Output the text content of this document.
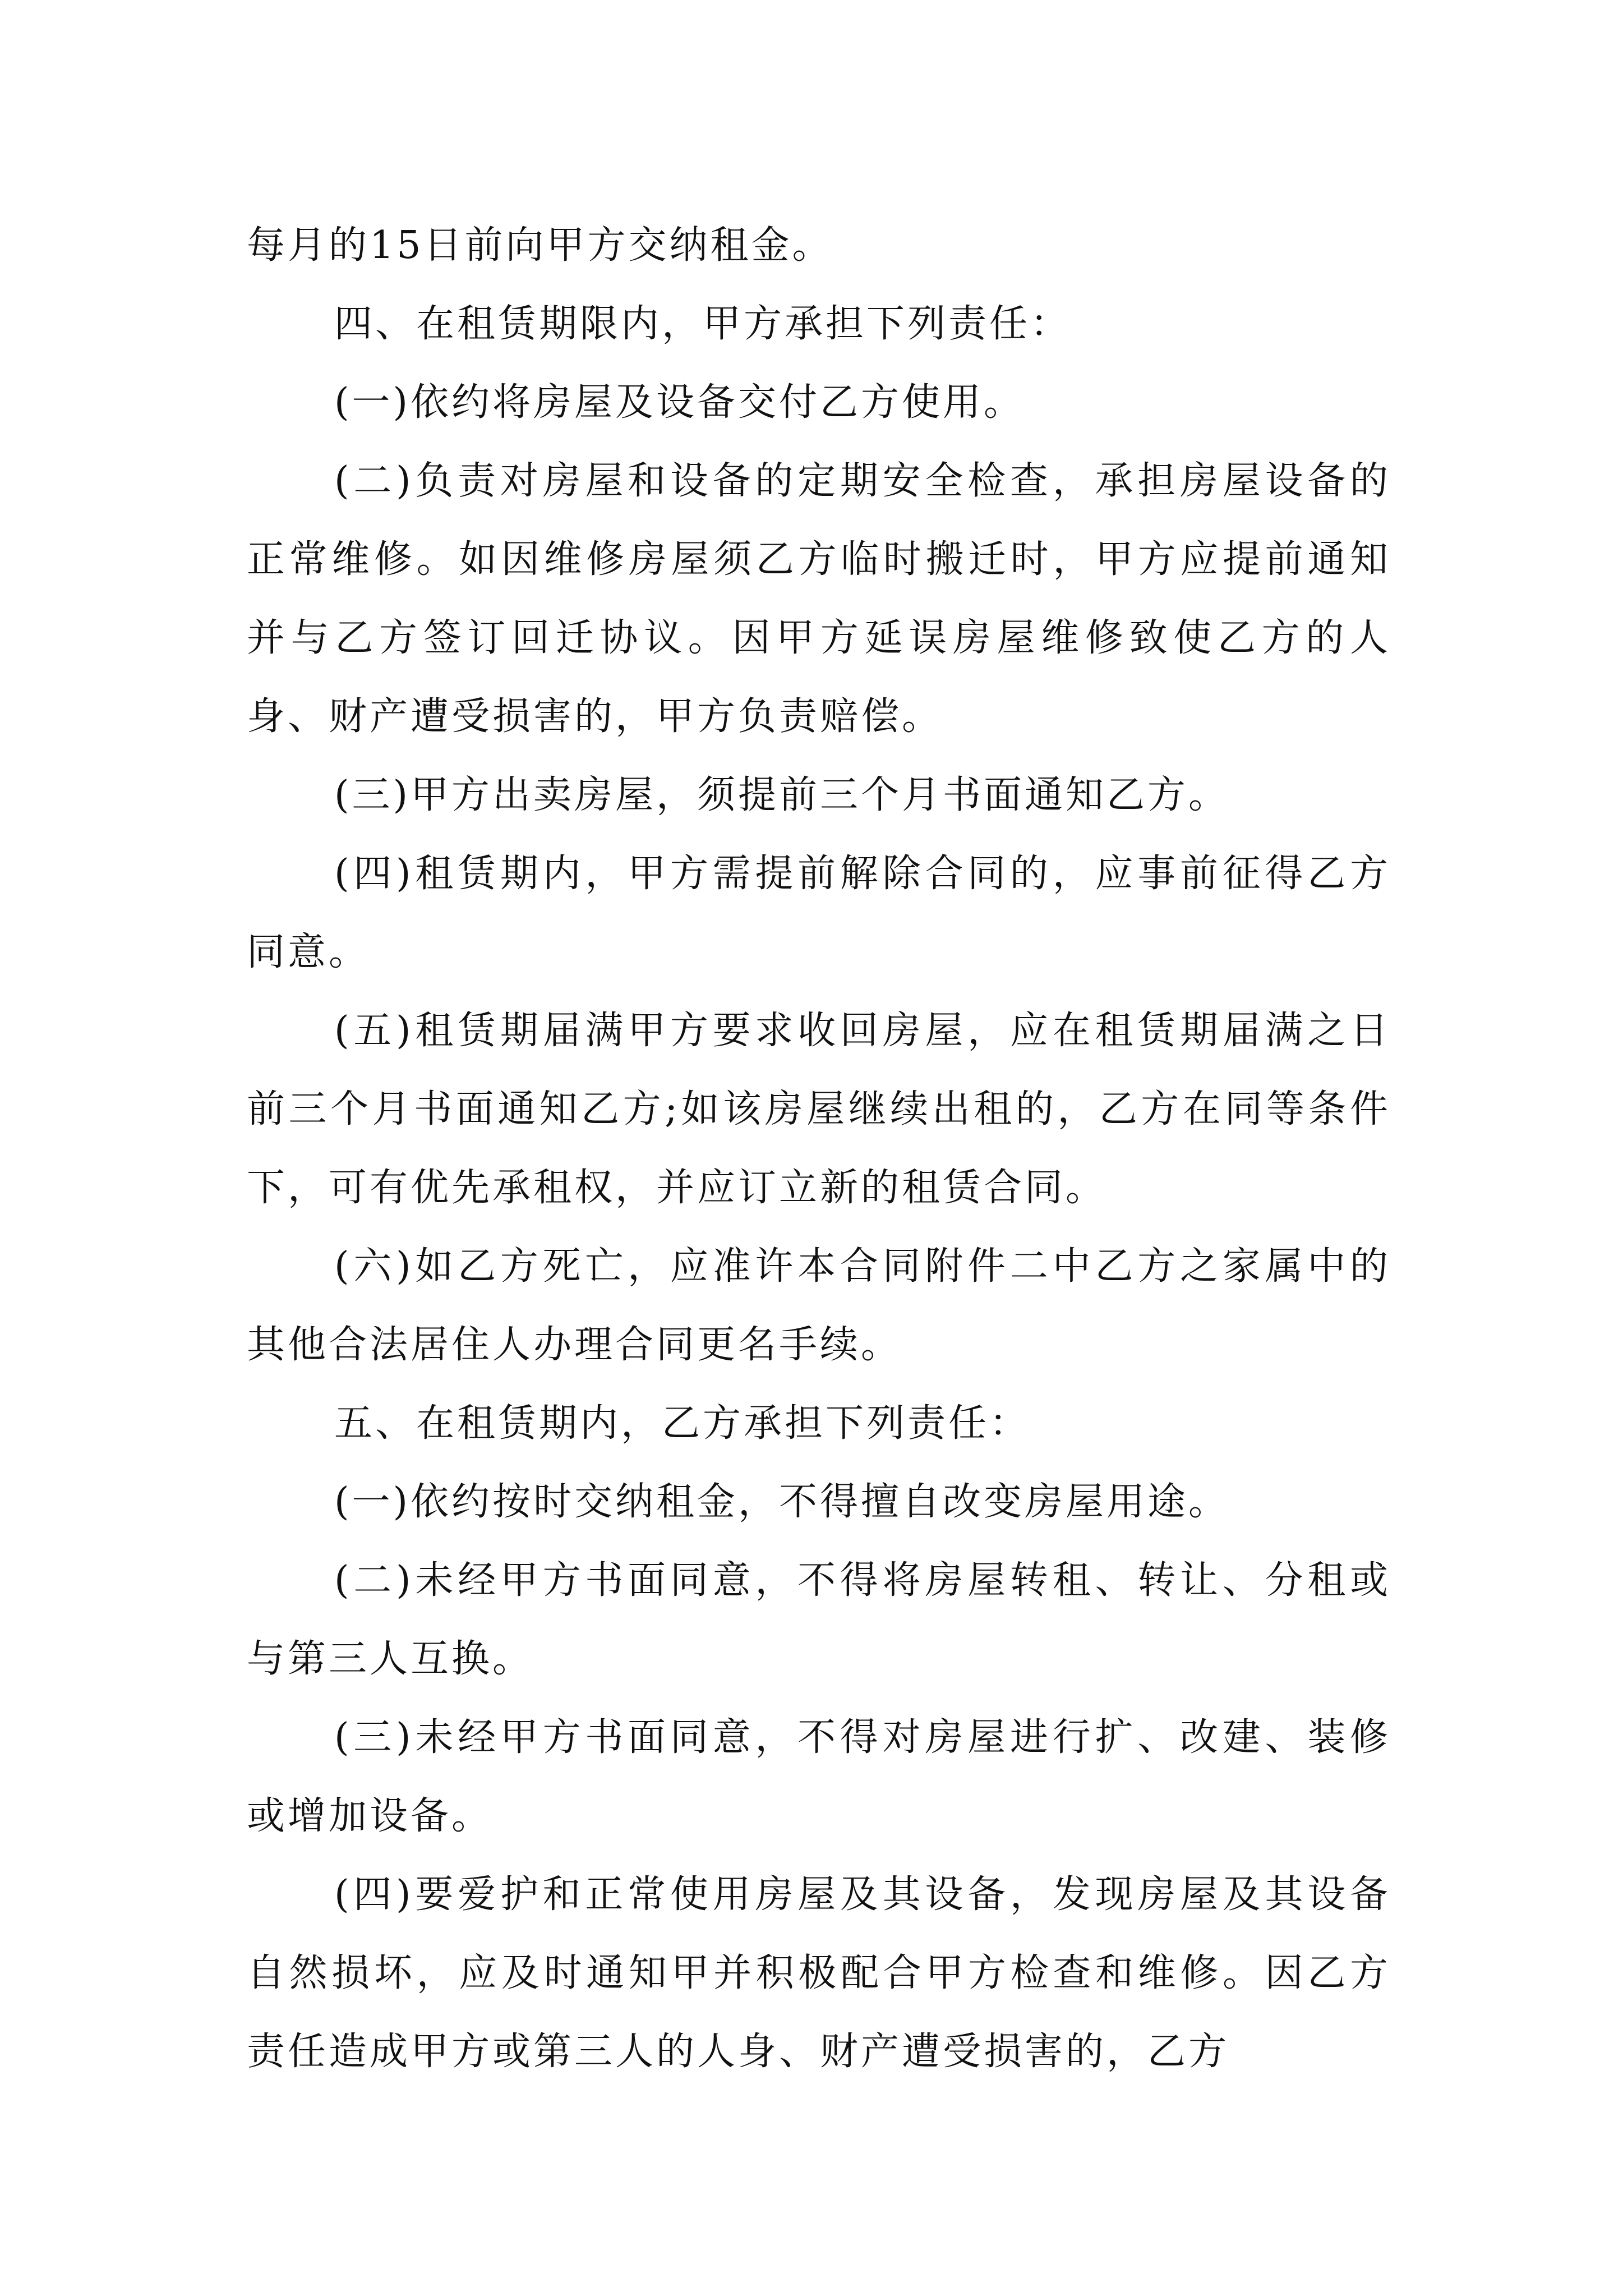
每月的15日前向甲方交纳租金。

四、在租赁期限内，甲方承担下列责任：

(一)依约将房屋及设备交付乙方使用。

(二)负责对房屋和设备的定期安全检查，承担房屋设备的正常维修。如因维修房屋须乙方临时搬迁时，甲方应提前通知并与乙方签订回迁协议。因甲方延误房屋维修致使乙方的人身、财产遭受损害的，甲方负责赔偿。

(三)甲方出卖房屋，须提前三个月书面通知乙方。

(四)租赁期内，甲方需提前解除合同的，应事前征得乙方同意。

(五)租赁期届满甲方要求收回房屋，应在租赁期届满之日前三个月书面通知乙方;如该房屋继续出租的，乙方在同等条件下，可有优先承租权，并应订立新的租赁合同。

(六)如乙方死亡，应准许本合同附件二中乙方之家属中的其他合法居住人办理合同更名手续。

五、在租赁期内，乙方承担下列责任：

(一)依约按时交纳租金，不得擅自改变房屋用途。

(二)未经甲方书面同意，不得将房屋转租、转让、分租或与第三人互换。

(三)未经甲方书面同意，不得对房屋进行扩、改建、装修或增加设备。

(四)要爱护和正常使用房屋及其设备，发现房屋及其设备自然损坏，应及时通知甲并积极配合甲方检查和维修。因乙方责任造成甲方或第三人的人身、财产遭受损害的，乙方
